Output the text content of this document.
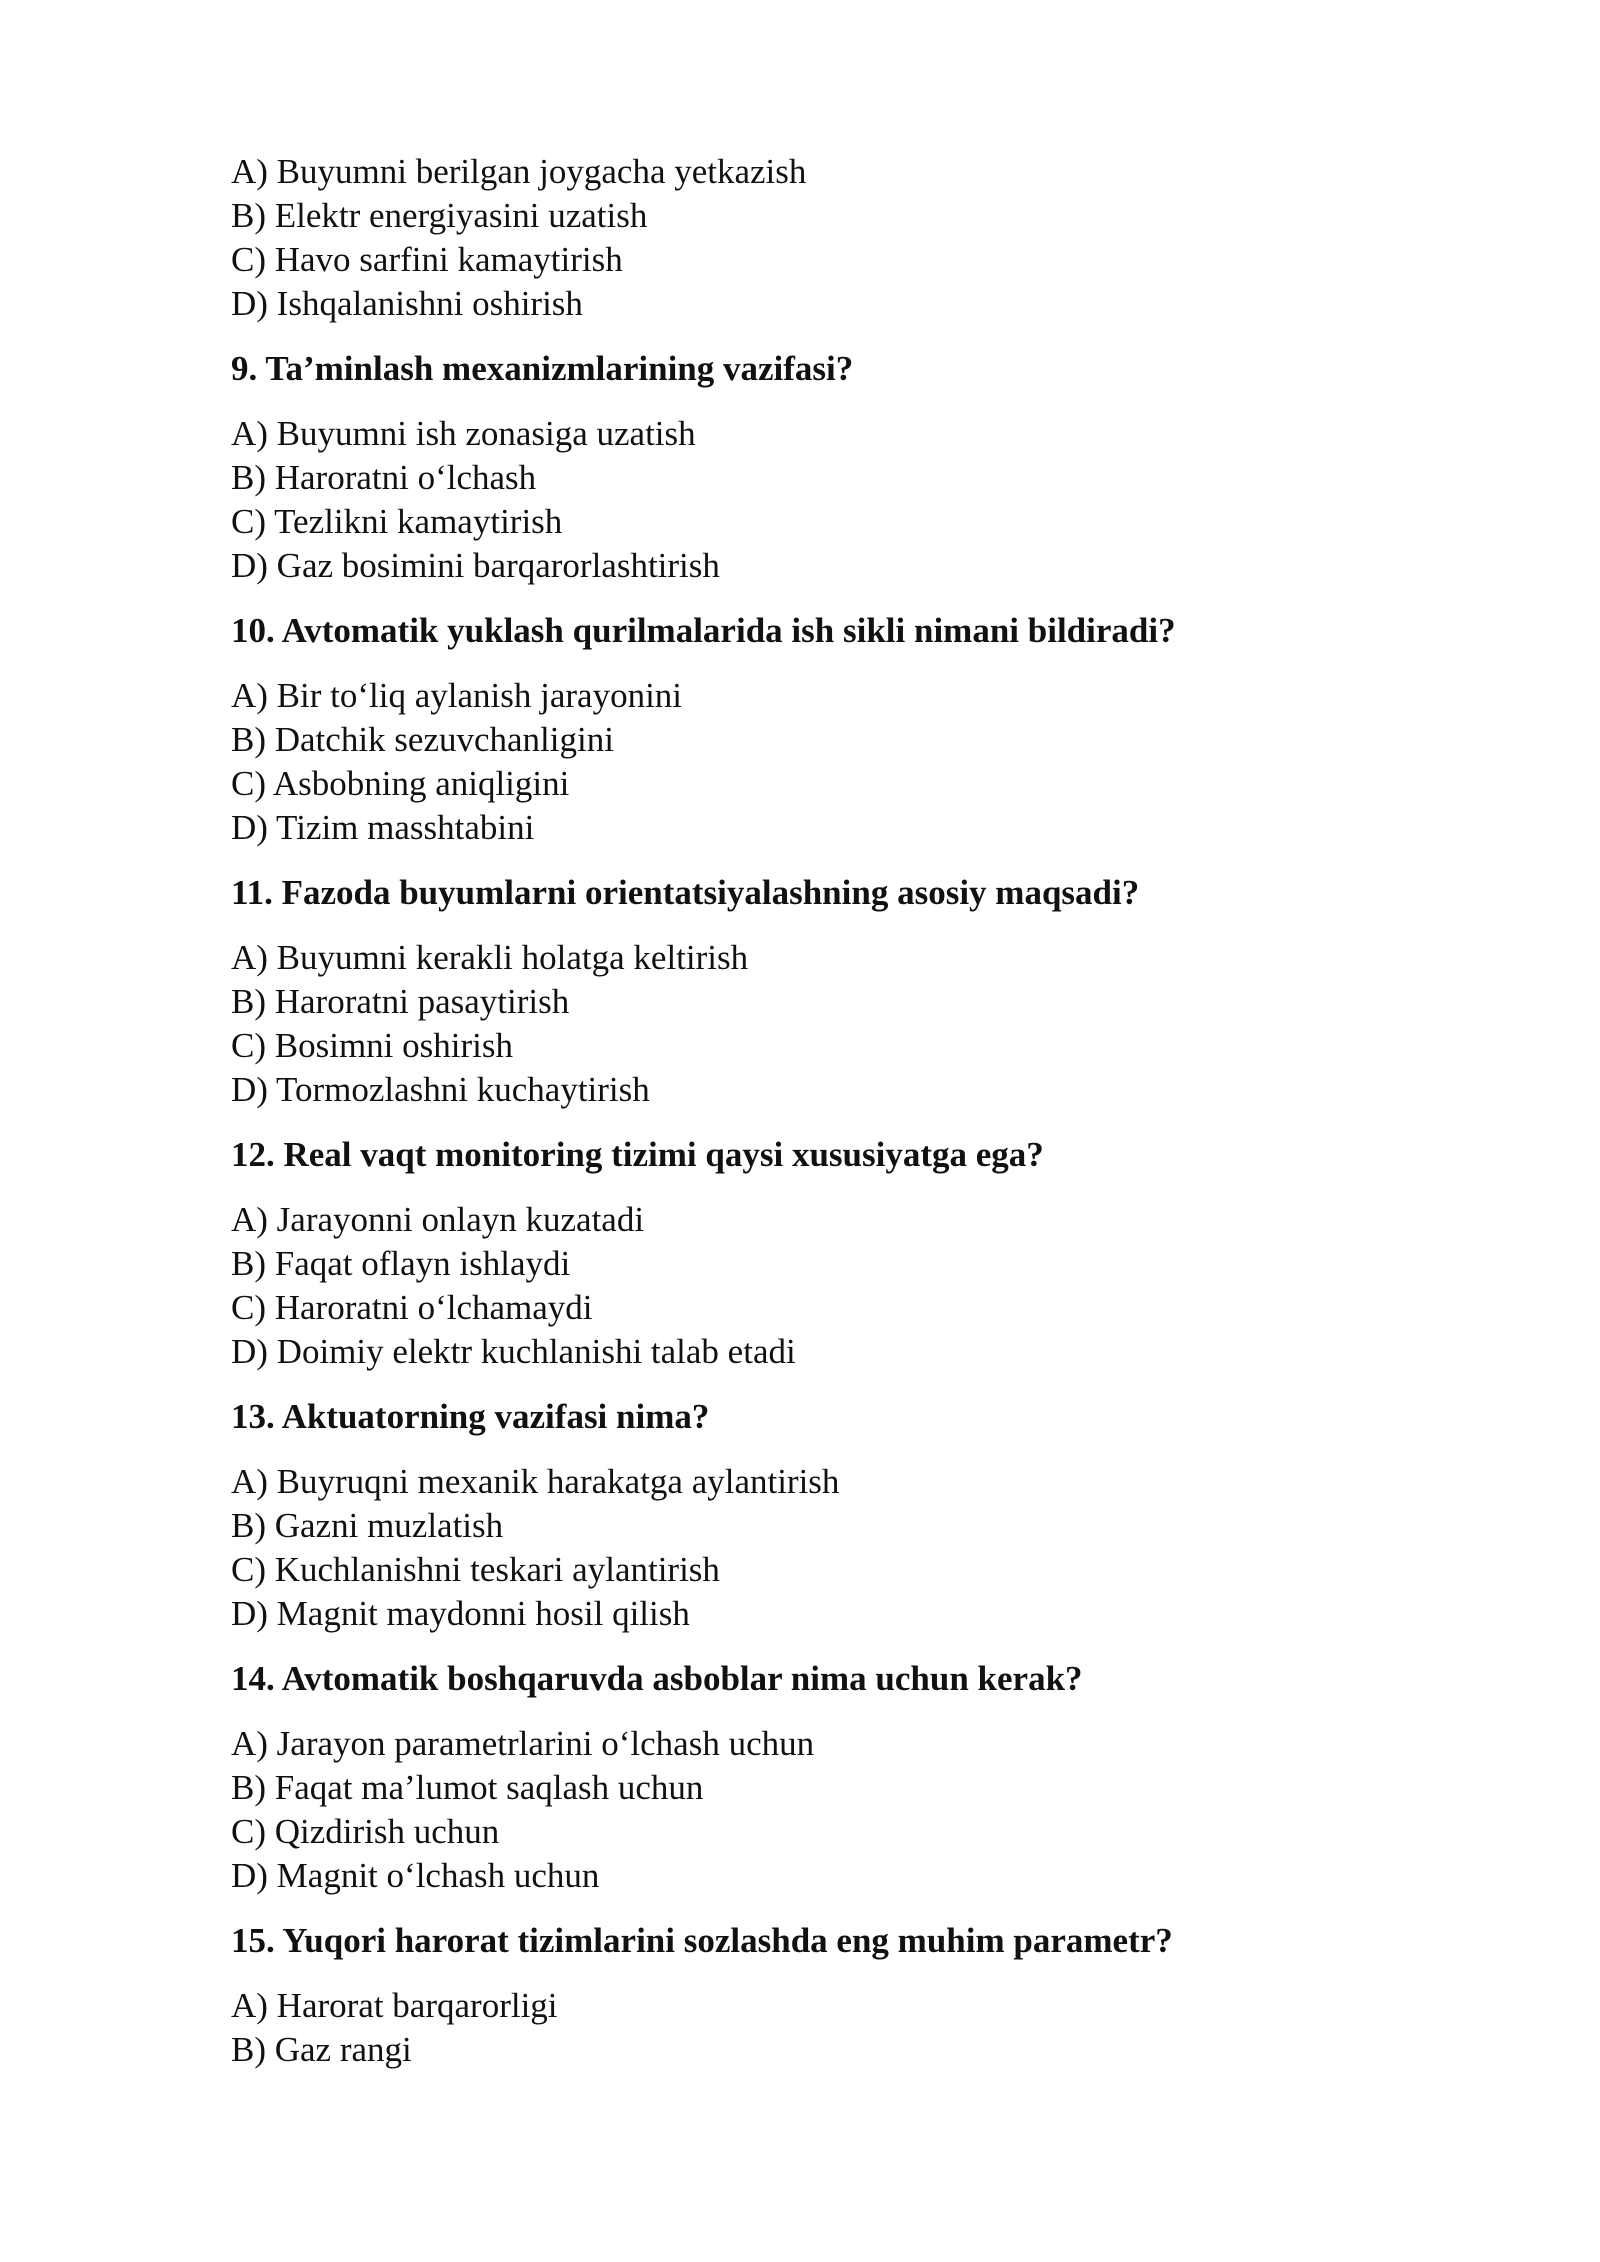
A) Buyumni berilgan joygacha yetkazish
B) Elektr energiyasini uzatish
C) Havo sarfini kamaytirish
D) Ishqalanishni oshirish
9. Ta’minlash mexanizmlarining vazifasi?
A) Buyumni ish zonasiga uzatish
B) Haroratni o‘lchash
C) Tezlikni kamaytirish
D) Gaz bosimini barqarorlashtirish
10. Avtomatik yuklash qurilmalarida ish sikli nimani bildiradi?
A) Bir to‘liq aylanish jarayonini
B) Datchik sezuvchanligini
C) Asbobning aniqligini
D) Tizim masshtabini
11. Fazoda buyumlarni orientatsiyalashning asosiy maqsadi?
A) Buyumni kerakli holatga keltirish
B) Haroratni pasaytirish
C) Bosimni oshirish
D) Tormozlashni kuchaytirish
12. Real vaqt monitoring tizimi qaysi xususiyatga ega?
A) Jarayonni onlayn kuzatadi
B) Faqat oflayn ishlaydi
C) Haroratni o‘lchamaydi
D) Doimiy elektr kuchlanishi talab etadi
13. Aktuatorning vazifasi nima?
A) Buyruqni mexanik harakatga aylantirish
B) Gazni muzlatish
C) Kuchlanishni teskari aylantirish
D) Magnit maydonni hosil qilish
14. Avtomatik boshqaruvda asboblar nima uchun kerak?
A) Jarayon parametrlarini o‘lchash uchun
B) Faqat ma’lumot saqlash uchun
C) Qizdirish uchun
D) Magnit o‘lchash uchun
15. Yuqori harorat tizimlarini sozlashda eng muhim parametr?
A) Harorat barqarorligi
B) Gaz rangi
